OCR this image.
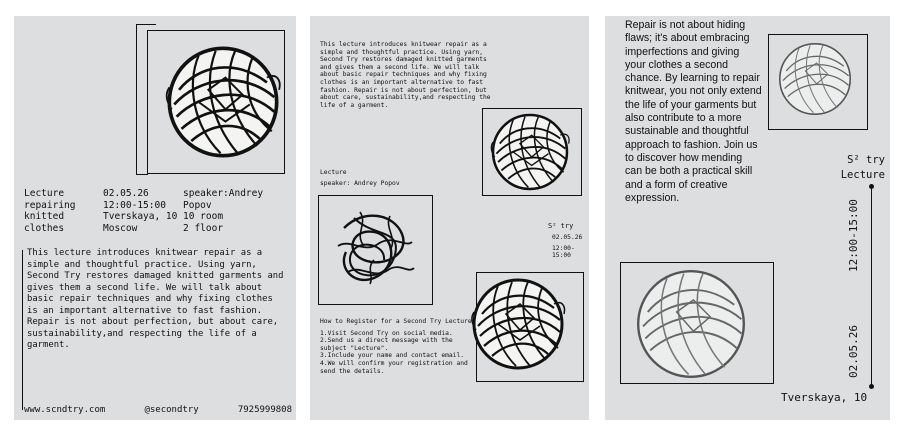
Lecture
repairing
knitted
clothes
02.05.26
12:00-15:00
Tverskaya, 10
Moscow
speaker:Andrey Popov
10 room
2 floor
This lecture introduces knitwear repair as a simple and thoughtful practice. Using yarn, Second Try restores damaged knitted garments and gives them a second life. We will talk about basic repair techniques and why fixing clothes is an important alternative to fast fashion. Repair is not about perfection, but about care, sustainability,and respecting the life of a garment.
www.scndtry.com	@secondtry	7925999808
This lecture introduces knitwear repair as a simple and thoughtful practice. Using yarn, Second Try restores damaged knitted garments and gives them a second life. We will talk about basic repair techniques and why fixing clothes is an important alternative to fast fashion. Repair is not about perfection, but about care, sustainability,and respecting the life of a garment.
Lecture
speaker: Andrey Popov
S² try
02.05.26
12:00-
15:00
How to Register for a Second Try Lecture:
1.Visit Second Try on social media.
2.Send us a direct message with the subject "Lecture".
3.Include your name and contact email.
4.We will confirm your registration and send the details.
Repair is not about hiding flaws; it's about embracing imperfections and giving your clothes a second chance. By learning to repair knitwear, you not only extend the life of your garments but also contribute to a more sustainable and thoughtful approach to fashion. Join us to discover how mending can be both a practical skill and a form of creative expression.
S² try
Lecture
12:00-15:00
02.05.26
Tverskaya, 10
